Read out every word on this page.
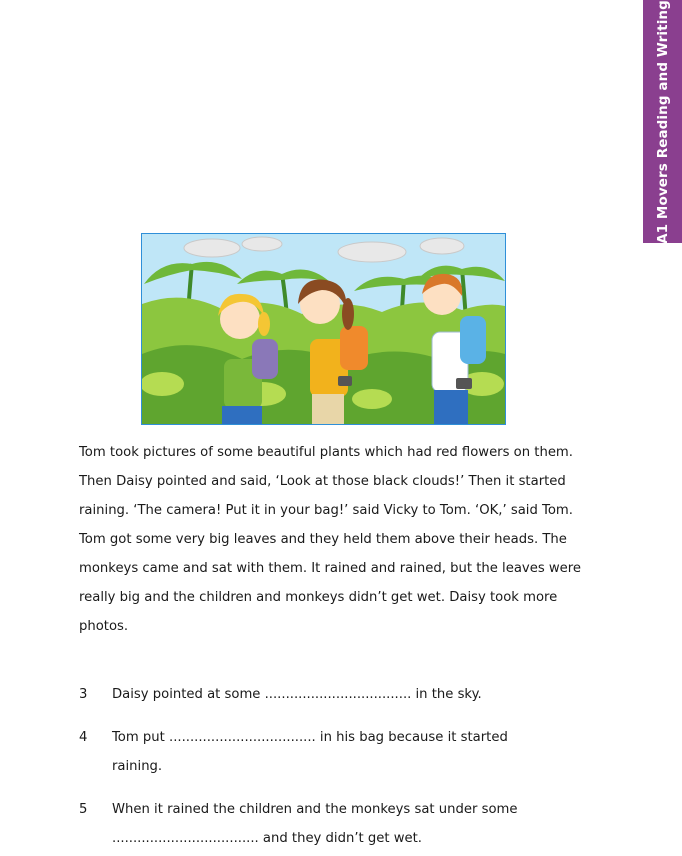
A1 Movers Reading and Writing
Tom took pictures of some beautiful plants which had red flowers on them.
Then Daisy pointed and said, ‘Look at those black clouds!’ Then it started
raining. ‘The camera! Put it in your bag!’ said Vicky to Tom. ‘OK,’ said Tom.
Tom got some very big leaves and they held them above their heads. The
monkeys came and sat with them. It rained and rained, but the leaves were
really big and the children and monkeys didn’t get wet. Daisy took more
photos.
3 Daisy pointed at some ................................... in the sky.
4 Tom put ................................... in his bag because it started
raining.
5 When it rained the children and the monkeys sat under some
................................... and they didn’t get wet.
